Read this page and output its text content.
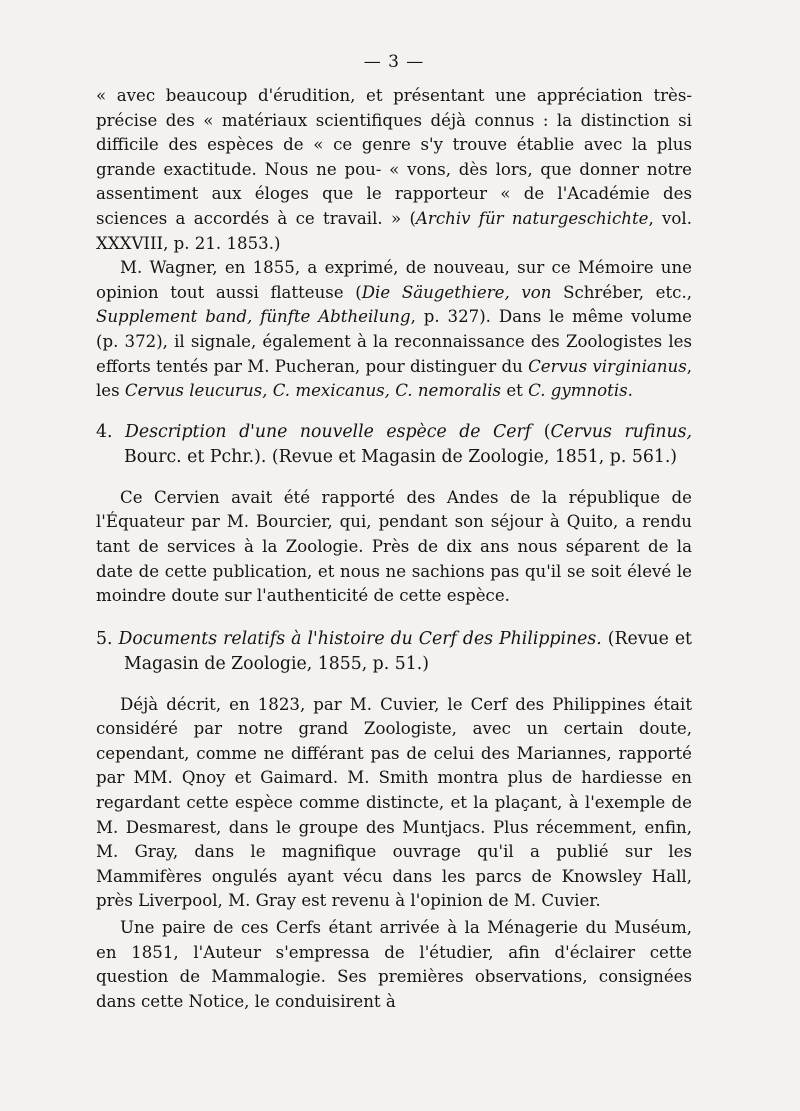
— 3 —

« avec beaucoup d'érudition, et présentant une appréciation très-précise des « matériaux scientifiques déjà connus : la distinction si difficile des espèces de « ce genre s'y trouve établie avec la plus grande exactitude. Nous ne pou- « vons, dès lors, que donner notre assentiment aux éloges que le rapporteur « de l'Académie des sciences a accordés à ce travail. » (Archiv für naturgeschichte, vol. XXXVIII, p. 21. 1853.)

M. Wagner, en 1855, a exprimé, de nouveau, sur ce Mémoire une opinion tout aussi flatteuse (Die Säugethiere, von Schréber, etc., Supplement band, fünfte Abtheilung, p. 327). Dans le même volume (p. 372), il signale, également à la reconnaissance des Zoologistes les efforts tentés par M. Pucheran, pour distinguer du Cervus virginianus, les Cervus leucurus, C. mexicanus, C. nemoralis et C. gymnotis.

4. Description d'une nouvelle espèce de Cerf (Cervus rufinus, Bourc. et Pchr.). (Revue et Magasin de Zoologie, 1851, p. 561.)

Ce Cervien avait été rapporté des Andes de la république de l'Équateur par M. Bourcier, qui, pendant son séjour à Quito, a rendu tant de services à la Zoologie. Près de dix ans nous séparent de la date de cette publication, et nous ne sachions pas qu'il se soit élevé le moindre doute sur l'authenticité de cette espèce.

5. Documents relatifs à l'histoire du Cerf des Philippines. (Revue et Magasin de Zoologie, 1855, p. 51.)

Déjà décrit, en 1823, par M. Cuvier, le Cerf des Philippines était considéré par notre grand Zoologiste, avec un certain doute, cependant, comme ne différant pas de celui des Mariannes, rapporté par MM. Qnoy et Gaimard. M. Smith montra plus de hardiesse en regardant cette espèce comme distincte, et la plaçant, à l'exemple de M. Desmarest, dans le groupe des Muntjacs. Plus récemment, enfin, M. Gray, dans le magnifique ouvrage qu'il a publié sur les Mammifères ongulés ayant vécu dans les parcs de Knowsley Hall, près Liverpool, M. Gray est revenu à l'opinion de M. Cuvier.

Une paire de ces Cerfs étant arrivée à la Ménagerie du Muséum, en 1851, l'Auteur s'empressa de l'étudier, afin d'éclairer cette question de Mammalogie. Ses premières observations, consignées dans cette Notice, le conduisirent à
